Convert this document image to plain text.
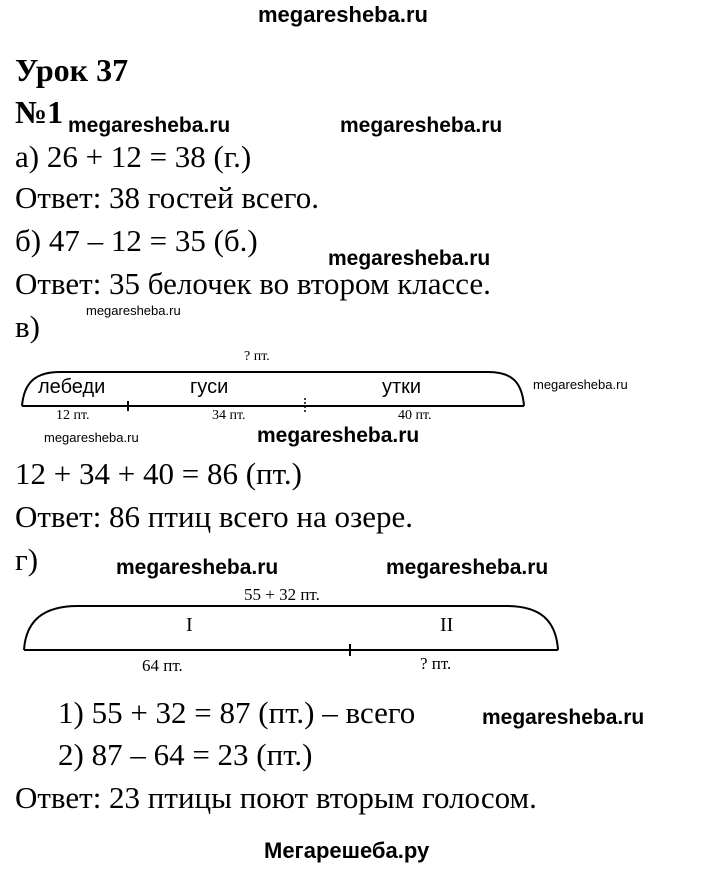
megaresheba.ru
megaresheba.ru	megaresheba.ru
megaresheba.ru
megaresheba.ru
megaresheba.ru
megaresheba.ru	megaresheba.ru
megaresheba.ru	megaresheba.ru
megaresheba.ru
Мегарешеба.ру
Урок 37
№1
а) 26 + 12 = 38 (г.)
Ответ: 38 гостей всего.
б) 47 – 12 = 35 (б.)
Ответ: 35 белочек во втором классе.
в)
? пт.
лебеди	гуси	утки
12 пт.	34 пт.	40 пт.
12 + 34 + 40 = 86 (пт.)
Ответ: 86 птиц всего на озере.
г)
55 + 32 пт.
I	II
64 пт.	? пт.
1) 55 + 32 = 87 (пт.) – всего
2) 87 – 64 = 23 (пт.)
Ответ: 23 птицы поют вторым голосом.
